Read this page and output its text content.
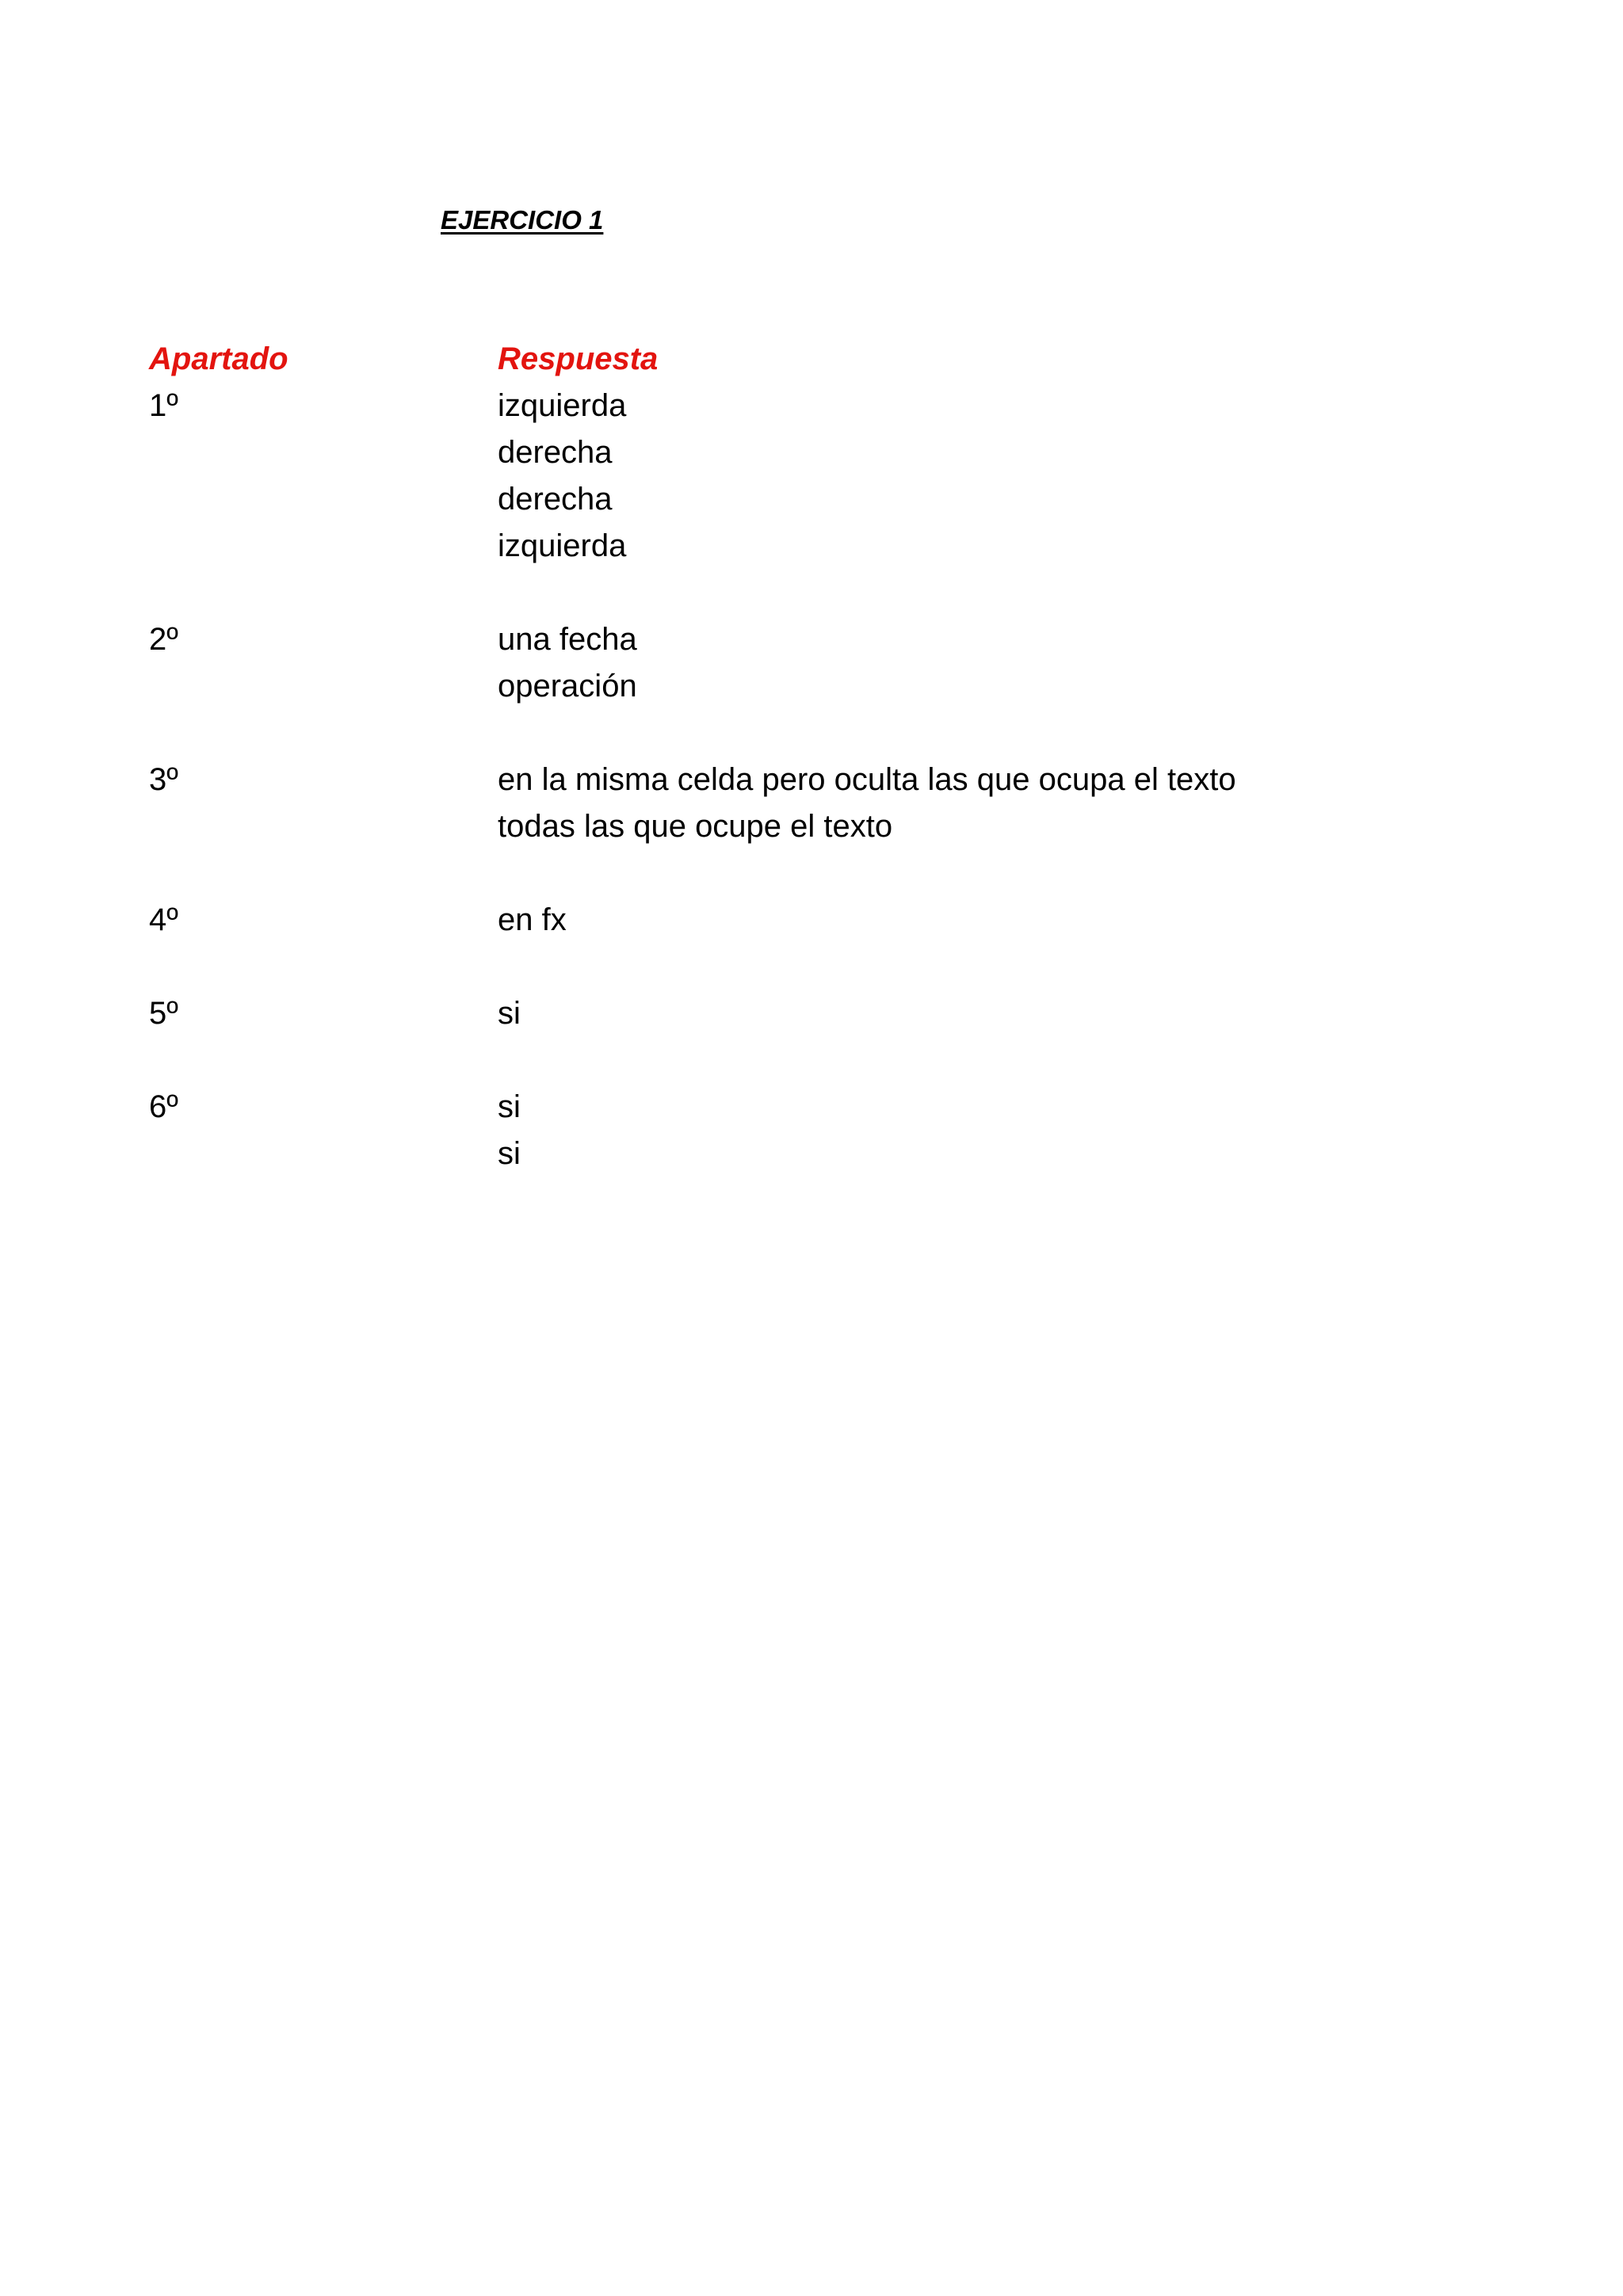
EJERCICIO 1
Apartado	Respuesta
1º	izquierda
derecha
derecha
izquierda
2º	una fecha
operación
3º	en la misma celda pero oculta las que ocupa el texto
todas las que ocupe el texto
4º	en fx
5º	si
6º	si
si
